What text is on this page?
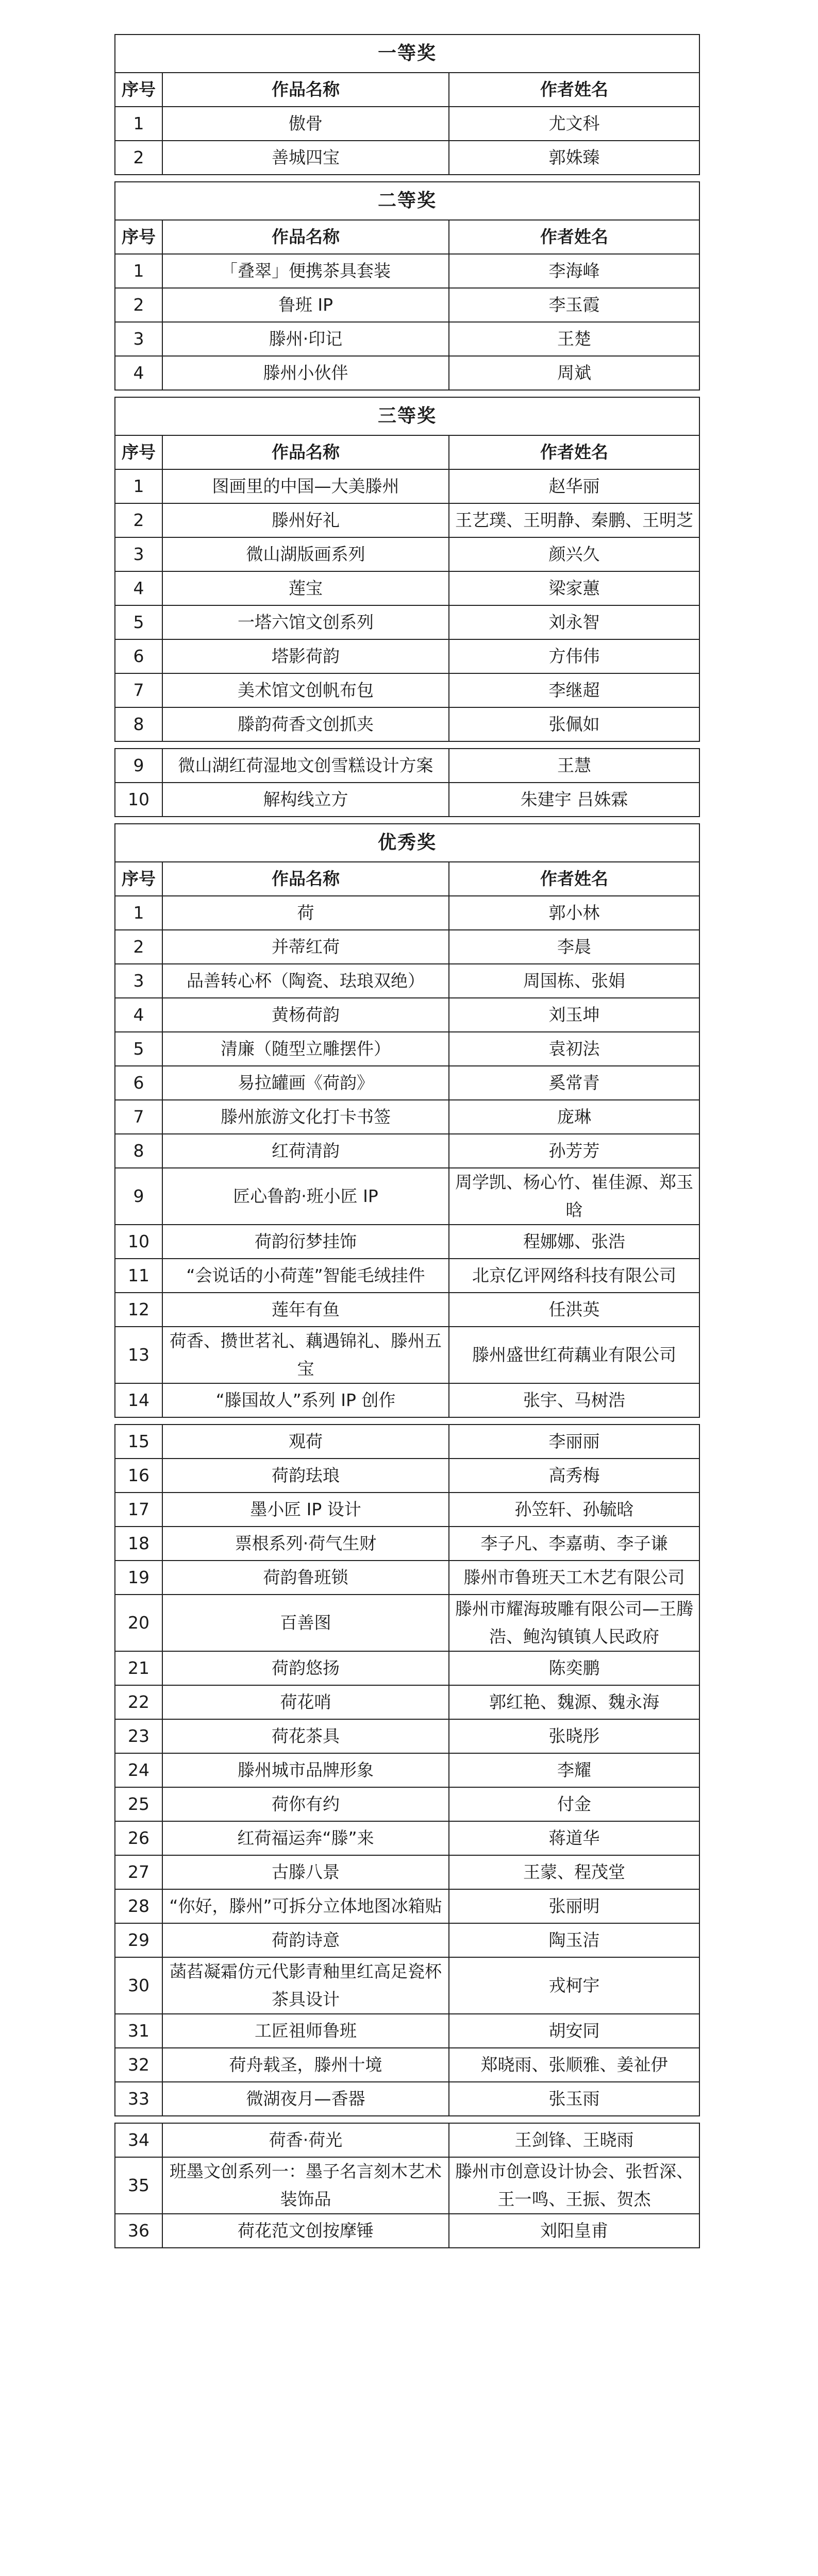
一等奖		
序号	作品名称	作者姓名
1	傲骨	尤文科
2	善城四宝	郭姝臻
二等奖		
序号	作品名称	作者姓名
1	「叠翠」便携茶具套装	李海峰
2	鲁班 IP	李玉霞
3	滕州·印记	王楚
4	滕州小伙伴	周斌
三等奖		
序号	作品名称	作者姓名
1	图画里的中国—大美滕州	赵华丽
2	滕州好礼	王艺璞、王明静、秦鹏、王明芝
3	微山湖版画系列	颜兴久
4	莲宝	梁家蕙
5	一塔六馆文创系列	刘永智
6	塔影荷韵	方伟伟
7	美术馆文创帆布包	李继超
8	滕韵荷香文创抓夹	张佩如
9	微山湖红荷湿地文创雪糕设计方案	王慧
10	解构线立方	朱建宇 吕姝霖
优秀奖		
序号	作品名称	作者姓名
1	荷	郭小林
2	并蒂红荷	李晨
3	品善转心杯（陶瓷、珐琅双绝）	周国栋、张娟
4	黄杨荷韵	刘玉坤
5	清廉（随型立雕摆件）	袁初法
6	易拉罐画《荷韵》	奚常青
7	滕州旅游文化打卡书签	庞琳
8	红荷清韵	孙芳芳
9	匠心鲁韵·班小匠 IP	周学凯、杨心竹、崔佳源、郑玉晗
10	荷韵衍梦挂饰	程娜娜、张浩
11	“会说话的小荷莲”智能毛绒挂件	北京亿评网络科技有限公司
12	莲年有鱼	任洪英
13	荷香、攒世茗礼、藕遇锦礼、滕州五宝	滕州盛世红荷藕业有限公司
14	“滕国故人”系列 IP 创作	张宇、马树浩
15	观荷	李丽丽
16	荷韵珐琅	高秀梅
17	墨小匠 IP 设计	孙笠轩、孙毓晗
18	票根系列·荷气生财	李子凡、李嘉萌、李子谦
19	荷韵鲁班锁	滕州市鲁班天工木艺有限公司
20	百善图	滕州市耀海玻雕有限公司—王腾浩、鲍沟镇镇人民政府
21	荷韵悠扬	陈奕鹏
22	荷花哨	郭红艳、魏源、魏永海
23	荷花茶具	张晓彤
24	滕州城市品牌形象	李耀
25	荷你有约	付金
26	红荷福运奔“滕”来	蒋道华
27	古滕八景	王蒙、程茂堂
28	“你好，滕州”可拆分立体地图冰箱贴	张丽明
29	荷韵诗意	陶玉洁
30	菡萏凝霜仿元代影青釉里红高足瓷杯茶具设计	戎柯宇
31	工匠祖师鲁班	胡安同
32	荷舟载圣，滕州十境	郑晓雨、张顺雅、姜祉伊
33	微湖夜月—香器	张玉雨
34	荷香·荷光	王剑锋、王晓雨
35	班墨文创系列一：墨子名言刻木艺术装饰品	滕州市创意设计协会、张哲深、王一鸣、王振、贺杰
36	荷花范文创按摩锤	刘阳皇甫
